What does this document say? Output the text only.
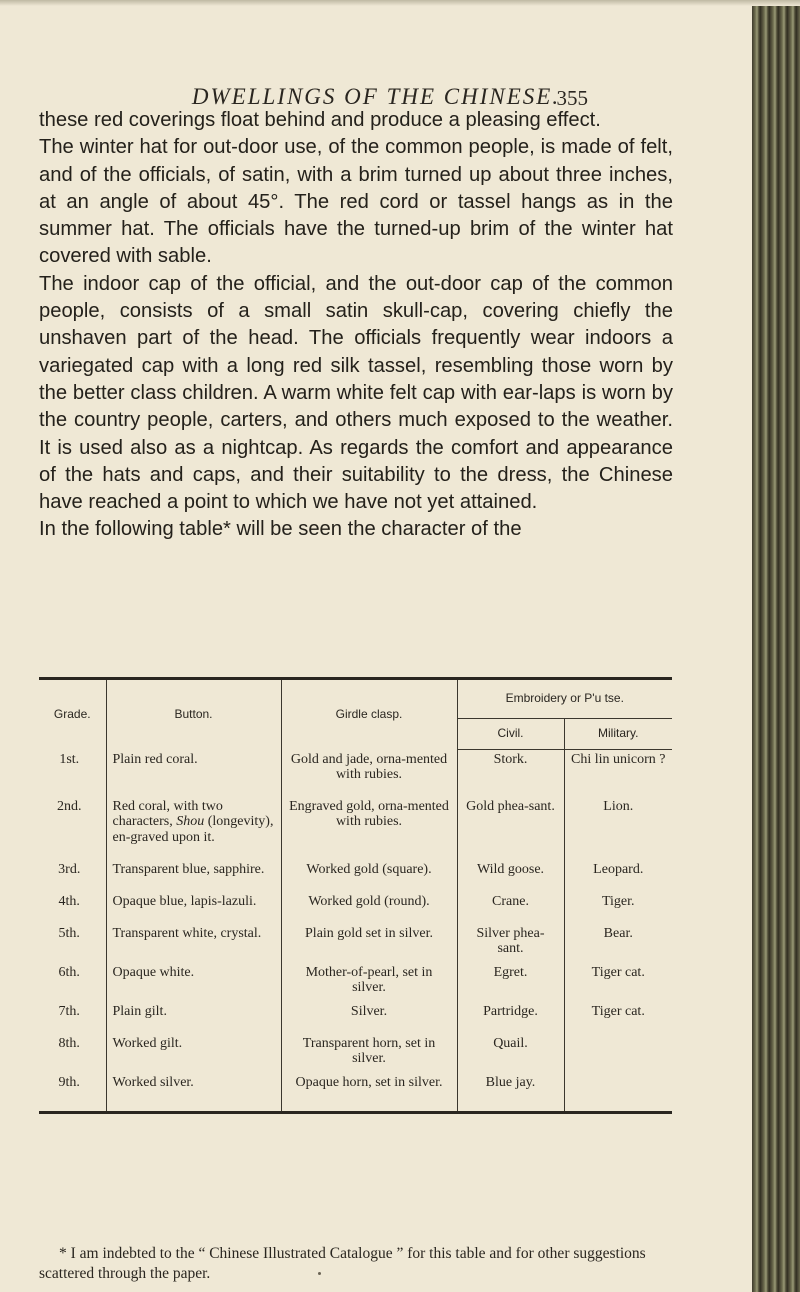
DWELLINGS OF THE CHINESE.
355

these red coverings float behind and produce a pleasing effect.

The winter hat for out-door use, of the common people, is made of felt, and of the officials, of satin, with a brim turned up about three inches, at an angle of about 45°. The red cord or tassel hangs as in the summer hat. The officials have the turned-up brim of the winter hat covered with sable.

The indoor cap of the official, and the out-door cap of the common people, consists of a small satin skull-cap, covering chiefly the unshaven part of the head. The officials frequently wear indoors a variegated cap with a long red silk tassel, resembling those worn by the better class children. A warm white felt cap with ear-laps is worn by the country people, carters, and others much exposed to the weather. It is used also as a nightcap. As regards the comfort and appearance of the hats and caps, and their suitability to the dress, the Chinese have reached a point to which we have not yet attained.

In the following table* will be seen the character of the

Grade.	Button.	Girdle clasp.	Embroidery or P'u tse.	
			Civil.	Military.
1st.	Plain red coral.	Gold and jade, orna-mented with rubies.	Stork.	Chi lin unicorn ?
2nd.	Red coral, with two characters, Shou (longevity), en-graved upon it.	Engraved gold, orna-mented with rubies.	Gold phea-sant.	Lion.
3rd.	Transparent blue, sapphire.	Worked gold (square).	Wild goose.	Leopard.
4th.	Opaque blue, lapis-lazuli.	Worked gold (round).	Crane.	Tiger.
5th.	Transparent white, crystal.	Plain gold set in silver.	Silver phea-sant.	Bear.
6th.	Opaque white.	Mother-of-pearl, set in silver.	Egret.	Tiger cat.
7th.	Plain gilt.	Silver.	Partridge.	Tiger cat.
8th.	Worked gilt.	Transparent horn, set in silver.	Quail.	
9th.	Worked silver.	Opaque horn, set in silver.	Blue jay.	
* I am indebted to the “ Chinese Illustrated Catalogue ” for this table and for other suggestions scattered through the paper.
